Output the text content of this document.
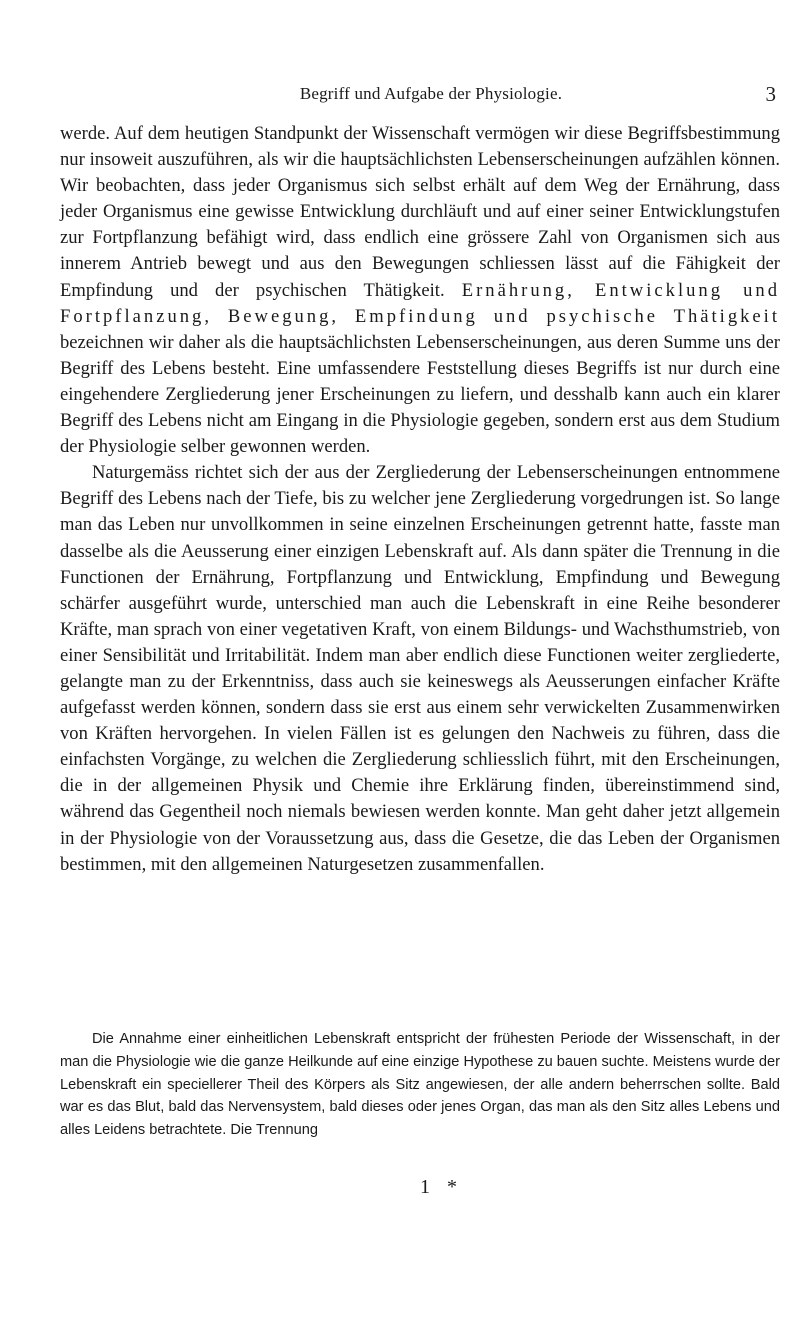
Begriff und Aufgabe der Physiologie.	3

werde. Auf dem heutigen Standpunkt der Wissenschaft vermögen wir diese Begriffsbestimmung nur insoweit auszuführen, als wir die hauptsächlichsten Lebenserscheinungen aufzählen können. Wir beobachten, dass jeder Organismus sich selbst erhält auf dem Weg der Ernährung, dass jeder Organismus eine gewisse Entwicklung durchläuft und auf einer seiner Entwicklungstufen zur Fortpflanzung befähigt wird, dass endlich eine grössere Zahl von Organismen sich aus innerem Antrieb bewegt und aus den Bewegungen schliessen lässt auf die Fähigkeit der Empfindung und der psychischen Thätigkeit. Ernährung, Entwicklung und Fortpflanzung, Bewegung, Empfindung und psychische Thätigkeit bezeichnen wir daher als die hauptsächlichsten Lebenserscheinungen, aus deren Summe uns der Begriff des Lebens besteht. Eine umfassendere Feststellung dieses Begriffs ist nur durch eine eingehendere Zergliederung jener Erscheinungen zu liefern, und desshalb kann auch ein klarer Begriff des Lebens nicht am Eingang in die Physiologie gegeben, sondern erst aus dem Studium der Physiologie selber gewonnen werden.

Naturgemäss richtet sich der aus der Zergliederung der Lebenserscheinungen entnommene Begriff des Lebens nach der Tiefe, bis zu welcher jene Zergliederung vorgedrungen ist. So lange man das Leben nur unvollkommen in seine einzelnen Erscheinungen getrennt hatte, fasste man dasselbe als die Aeusserung einer einzigen Lebenskraft auf. Als dann später die Trennung in die Functionen der Ernährung, Fortpflanzung und Entwicklung, Empfindung und Bewegung schärfer ausgeführt wurde, unterschied man auch die Lebenskraft in eine Reihe besonderer Kräfte, man sprach von einer vegetativen Kraft, von einem Bildungs- und Wachsthumstrieb, von einer Sensibilität und Irritabilität. Indem man aber endlich diese Functionen weiter zergliederte, gelangte man zu der Erkenntniss, dass auch sie keineswegs als Aeusserungen einfacher Kräfte aufgefasst werden können, sondern dass sie erst aus einem sehr verwickelten Zusammenwirken von Kräften hervorgehen. In vielen Fällen ist es gelungen den Nachweis zu führen, dass die einfachsten Vorgänge, zu welchen die Zergliederung schliesslich führt, mit den Erscheinungen, die in der allgemeinen Physik und Chemie ihre Erklärung finden, übereinstimmend sind, während das Gegentheil noch niemals bewiesen werden konnte. Man geht daher jetzt allgemein in der Physiologie von der Voraussetzung aus, dass die Gesetze, die das Leben der Organismen bestimmen, mit den allgemeinen Naturgesetzen zusammenfallen.

Die Annahme einer einheitlichen Lebenskraft entspricht der frühesten Periode der Wissenschaft, in der man die Physiologie wie die ganze Heilkunde auf eine einzige Hypothese zu bauen suchte. Meistens wurde der Lebenskraft ein speciellerer Theil des Körpers als Sitz angewiesen, der alle andern beherrschen sollte. Bald war es das Blut, bald das Nervensystem, bald dieses oder jenes Organ, das man als den Sitz alles Lebens und alles Leidens betrachtete. Die Trennung

1 *
